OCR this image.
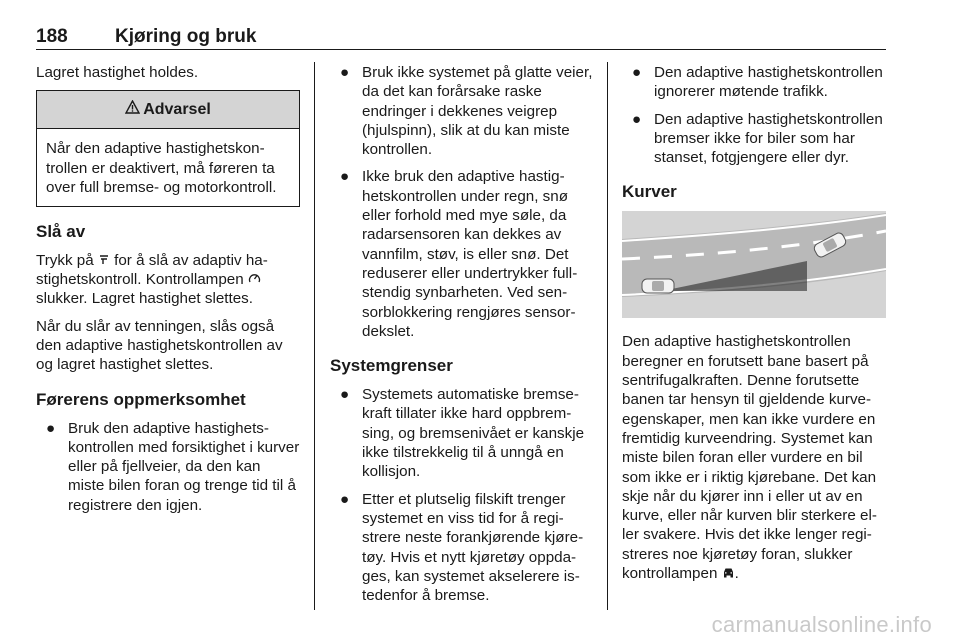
188 Kjøring og bruk

Lagret hastighet holdes.

Advarsel
Når den adaptive hastighetskontrollen er deaktivert, må føreren ta over full bremse- og motorkontroll.
Slå av

Trykk på for å slå av adaptiv hastighetskontroll. Kontrollampen  slukker. Lagret hastighet slettes.

Når du slår av tenningen, slås også den adaptive hastighetskontrollen av og lagret hastighet slettes.

Førerens oppmerksomhet
● Bruk den adaptive hastighetskontrollen med forsiktighet i kurver eller på fjellveier, da den kan miste bilen foran og trenge tid til å registrere den igjen.
● Bruk ikke systemet på glatte veier, da det kan forårsake raske endringer i dekkenes veigrep (hjulspinn), slik at du kan miste kontrollen.
● Ikke bruk den adaptive hastighetskontrollen under regn, snø eller forhold med mye søle, da radarsensoren kan dekkes av vannfilm, støv, is eller snø. Det reduserer eller undertrykker fullstendig synbarheten. Ved sensorblokkering rengjøres sensordekslet.
Systemgrenser
● Systemets automatiske bremsekraft tillater ikke hard oppbremsing, og bremsenivået er kanskje ikke tilstrekkelig til å unngå en kollisjon.
● Etter et plutselig filskift trenger systemet en viss tid for å registrere neste forankjørende kjøretøy. Hvis et nytt kjøretøy oppdages, kan systemet akselerere istedenfor å bremse.
● Den adaptive hastighetskontrollen ignorerer møtende trafikk.
● Den adaptive hastighetskontrollen bremser ikke for biler som har stanset, fotgjengere eller dyr.
Kurver

Den adaptive hastighetskontrollen beregner en forutsett bane basert på sentrifugalkraften. Denne forutsette banen tar hensyn til gjeldende kurveegenskaper, men kan ikke vurdere en fremtidig kurveendring. Systemet kan miste bilen foran eller vurdere en bil som ikke er i riktig kjørebane. Det kan skje når du kjører inn i eller ut av en kurve, eller når kurven blir sterkere eller svakere. Hvis det ikke lenger registreres noe kjøretøy foran, slukker kontrollampen .

carmanualsonline.info
